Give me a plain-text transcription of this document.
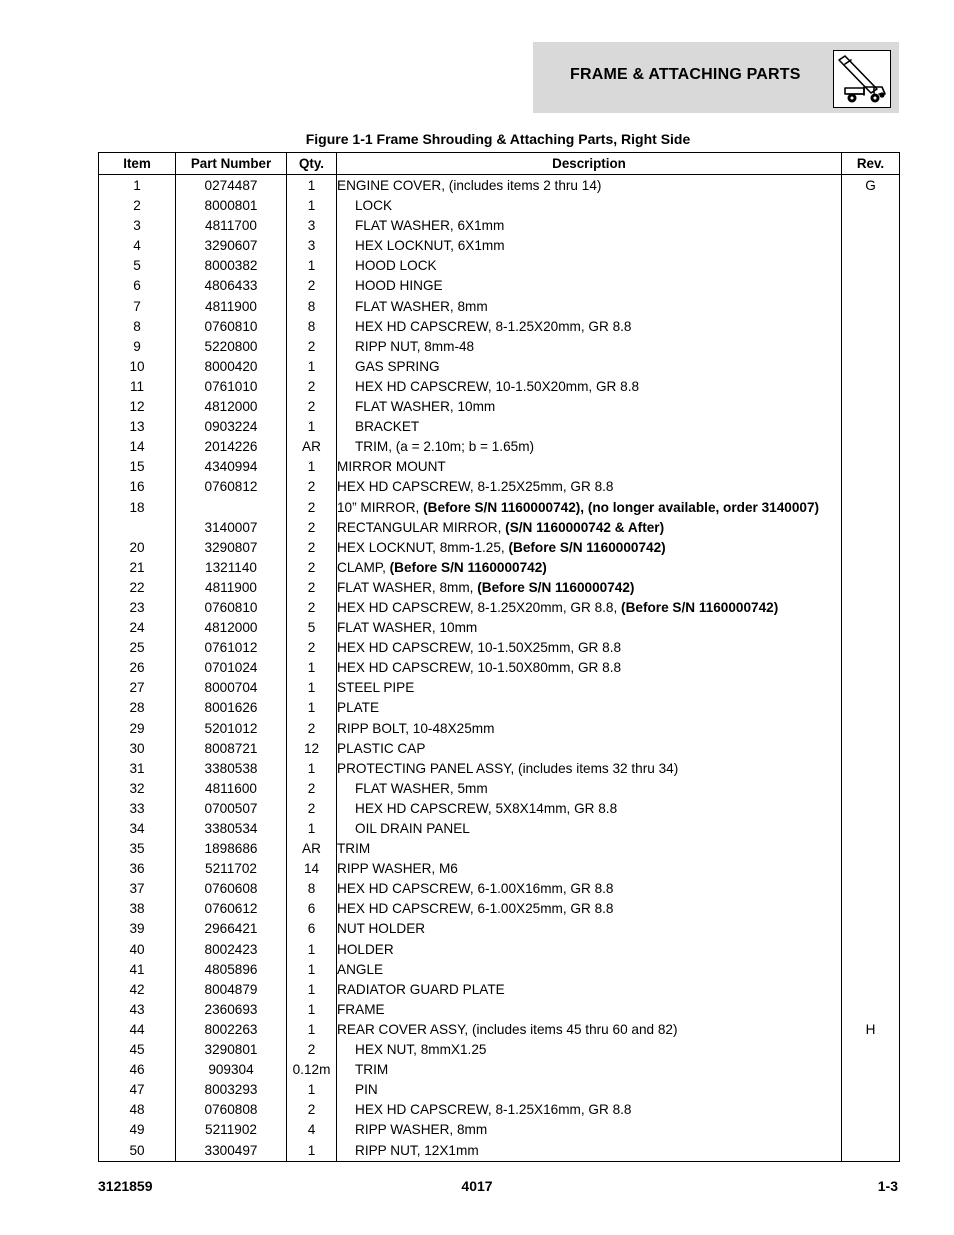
FRAME & ATTACHING PARTS
Figure 1-1 Frame Shrouding & Attaching Parts, Right Side
Item	Part Number	Qty.	Description	Rev.
1	0274487	1	ENGINE COVER, (includes items 2 thru 14)	G
2	8000801	1	LOCK	
3	4811700	3	FLAT WASHER, 6X1mm	
4	3290607	3	HEX LOCKNUT, 6X1mm	
5	8000382	1	HOOD LOCK	
6	4806433	2	HOOD HINGE	
7	4811900	8	FLAT WASHER, 8mm	
8	0760810	8	HEX HD CAPSCREW, 8-1.25X20mm, GR 8.8	
9	5220800	2	RIPP NUT, 8mm-48	
10	8000420	1	GAS SPRING	
11	0761010	2	HEX HD CAPSCREW, 10-1.50X20mm, GR 8.8	
12	4812000	2	FLAT WASHER, 10mm	
13	0903224	1	BRACKET	
14	2014226	AR	TRIM, (a = 2.10m; b = 1.65m)	
15	4340994	1	MIRROR MOUNT	
16	0760812	2	HEX HD CAPSCREW, 8-1.25X25mm, GR 8.8	
18		2	10” MIRROR, (Before S/N 1160000742), (no longer available, order 3140007)	
	3140007	2	RECTANGULAR MIRROR, (S/N 1160000742 & After)	
20	3290807	2	HEX LOCKNUT, 8mm-1.25, (Before S/N 1160000742)	
21	1321140	2	CLAMP, (Before S/N 1160000742)	
22	4811900	2	FLAT WASHER, 8mm, (Before S/N 1160000742)	
23	0760810	2	HEX HD CAPSCREW, 8-1.25X20mm, GR 8.8, (Before S/N 1160000742)	
24	4812000	5	FLAT WASHER, 10mm	
25	0761012	2	HEX HD CAPSCREW, 10-1.50X25mm, GR 8.8	
26	0701024	1	HEX HD CAPSCREW, 10-1.50X80mm, GR 8.8	
27	8000704	1	STEEL PIPE	
28	8001626	1	PLATE	
29	5201012	2	RIPP BOLT, 10-48X25mm	
30	8008721	12	PLASTIC CAP	
31	3380538	1	PROTECTING PANEL ASSY, (includes items 32 thru 34)	
32	4811600	2	FLAT WASHER, 5mm	
33	0700507	2	HEX HD CAPSCREW, 5X8X14mm, GR 8.8	
34	3380534	1	OIL DRAIN PANEL	
35	1898686	AR	TRIM	
36	5211702	14	RIPP WASHER, M6	
37	0760608	8	HEX HD CAPSCREW, 6-1.00X16mm, GR 8.8	
38	0760612	6	HEX HD CAPSCREW, 6-1.00X25mm, GR 8.8	
39	2966421	6	NUT HOLDER	
40	8002423	1	HOLDER	
41	4805896	1	ANGLE	
42	8004879	1	RADIATOR GUARD PLATE	
43	2360693	1	FRAME	
44	8002263	1	REAR COVER ASSY, (includes items 45 thru 60 and 82)	H
45	3290801	2	HEX NUT, 8mmX1.25	
46	909304	0.12m	TRIM	
47	8003293	1	PIN	
48	0760808	2	HEX HD CAPSCREW, 8-1.25X16mm, GR 8.8	
49	5211902	4	RIPP WASHER, 8mm	
50	3300497	1	RIPP NUT, 12X1mm	
3121859	4017	1-3
